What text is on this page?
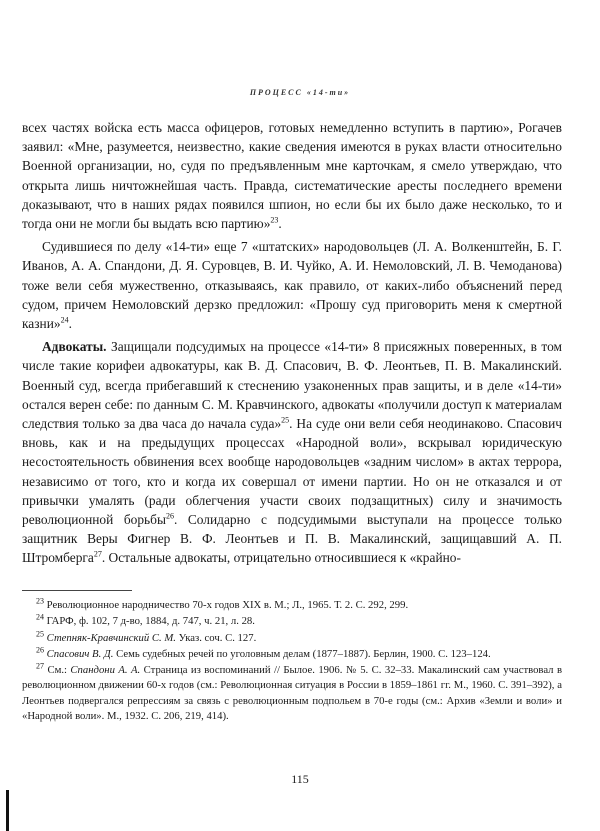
ПРОЦЕСС «14-ти»

всех частях войска есть масса офицеров, готовых немедленно вступить в партию», Рогачев заявил: «Мне, разумеется, неизвестно, какие сведения имеются в руках власти относительно Военной организации, но, судя по предъявленным мне карточкам, я смело утверждаю, что открыта лишь ничтожнейшая часть. Правда, систематические аресты последнего времени доказывают, что в наших рядах появился шпион, но если бы их было даже несколько, то и тогда они не могли бы выдать всю партию»$^{23}$.

Судившиеся по делу «14-ти» еще 7 «штатских» народовольцев (Л. А. Волкенштейн, Б. Г. Иванов, А. А. Спандони, Д. Я. Суровцев, В. И. Чуйко, А. И. Немоловский, Л. В. Чемоданова) тоже вели себя мужественно, отказываясь, как правило, от каких-либо объяснений перед судом, причем Немоловский дерзко предложил: «Прошу суд приговорить меня к смертной казни»$^{24}$.

Адвокаты. Защищали подсудимых на процессе «14-ти» 8 присяжных поверенных, в том числе такие корифеи адвокатуры, как В. Д. Спасович, В. Ф. Леонтьев, П. В. Макалинский. Военный суд, всегда прибегавший к стеснению узаконенных прав защиты, и в деле «14-ти» остался верен себе: по данным С. М. Кравчинского, адвокаты «получили доступ к материалам следствия только за два часа до начала суда»$^{25}$. На суде они вели себя неодинаково. Спасович вновь, как и на предыдущих процессах «Народной воли», вскрывал юридическую несостоятельность обвинения всех вообще народовольцев «задним числом» в актах террора, независимо от того, кто и когда их совершал от имени партии. Но он не отказался и от привычки умалять (ради облегчения участи своих подзащитных) силу и значимость революционной борьбы$^{26}$. Солидарно с подсудимыми выступали на процессе только защитник Веры Фигнер В. Ф. Леонтьев и П. В. Макалинский, защищавший А. П. Штромберга$^{27}$. Остальные адвокаты, отрицательно относившиеся к «крайно-

$^{23}$ Революционное народничество 70-х годов XIX в. М.; Л., 1965. Т. 2. С. 292, 299.

$^{24}$ ГАРФ, ф. 102, 7 д-во, 1884, д. 747, ч. 21, л. 28.

$^{25}$ Степняк-Кравчинский С. М. Указ. соч. С. 127.

$^{26}$ Спасович В. Д. Семь судебных речей по уголовным делам (1877–1887). Берлин, 1900. С. 123–124.

$^{27}$ См.: Спандони А. А. Страница из воспоминаний // Былое. 1906. № 5. С. 32–33. Макалинский сам участвовал в революционном движении 60-х годов (см.: Революционная ситуация в России в 1859–1861 гг. М., 1960. С. 391–392), а Леонтьев подвергался репрессиям за связь с революционным подпольем в 70-е годы (см.: Архив «Земли и воли» и «Народной воли». М., 1932. С. 206, 219, 414).

115
